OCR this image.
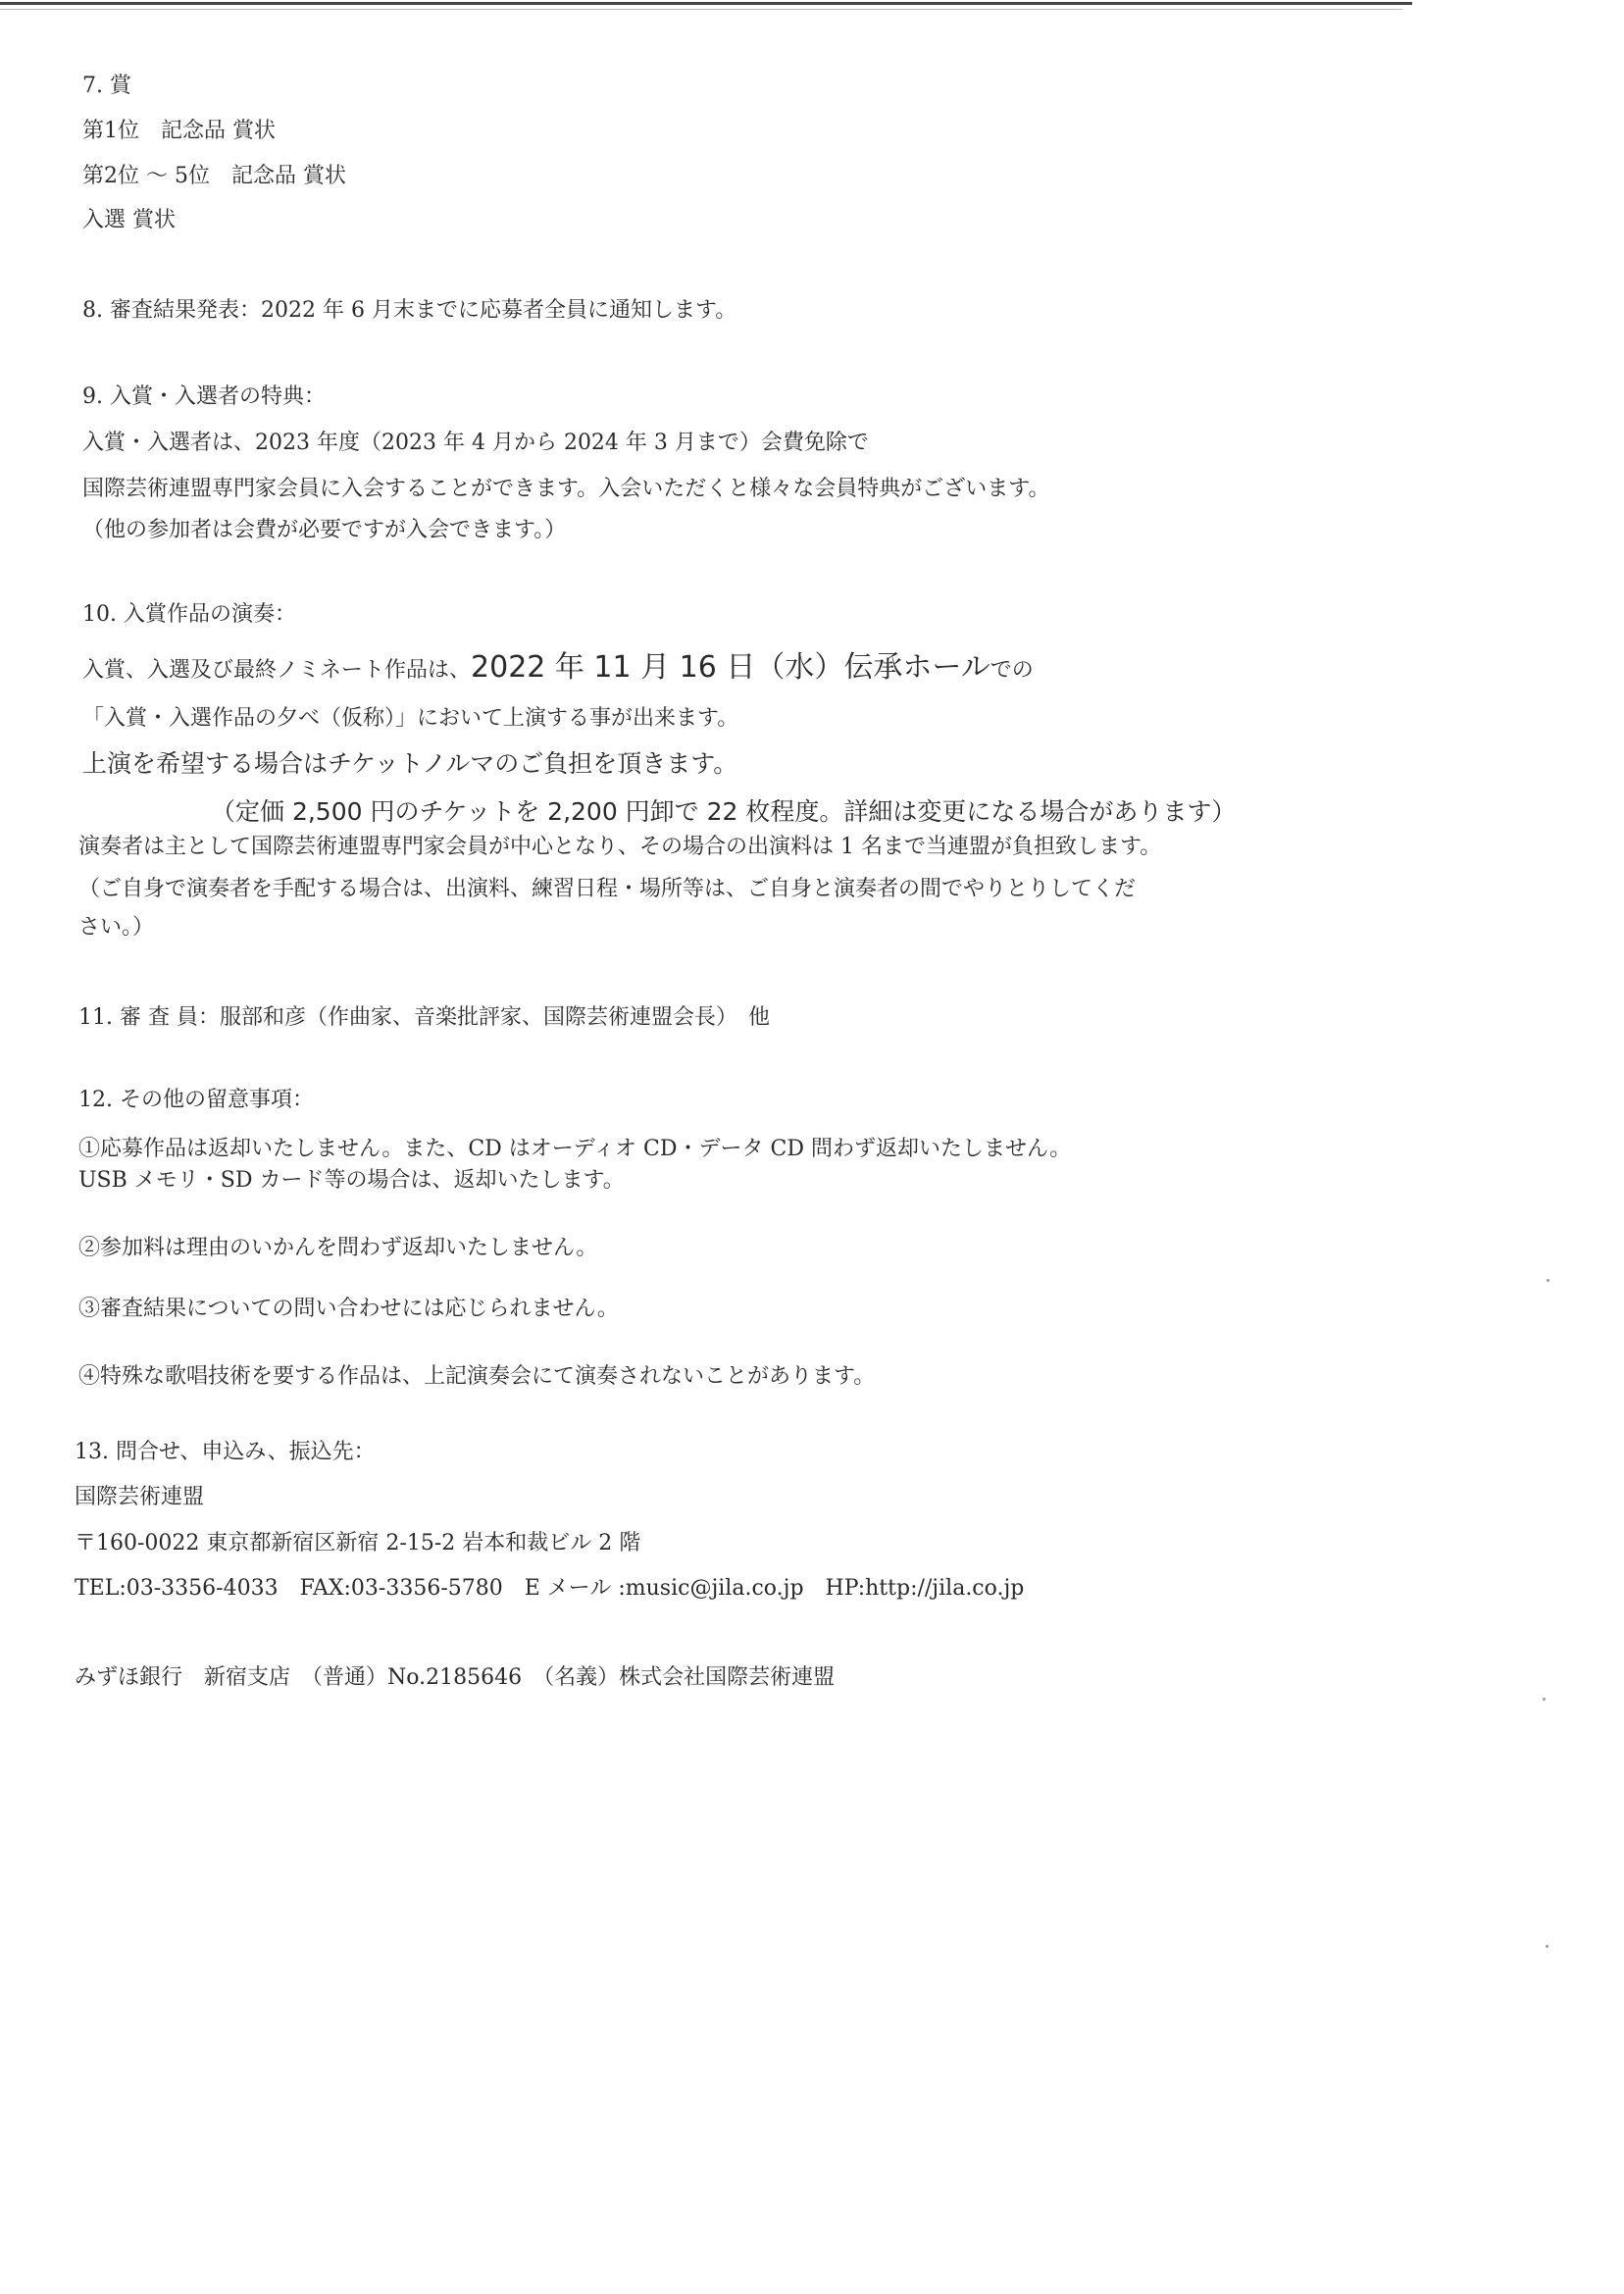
7. 賞
第1位　記念品 賞状
第2位 ～ 5位　記念品 賞状
入選 賞状
8. 審査結果発表：2022 年 6 月末までに応募者全員に通知します。
9. 入賞・入選者の特典：
入賞・入選者は、2023 年度（2023 年 4 月から 2024 年 3 月まで）会費免除で
国際芸術連盟専門家会員に入会することができます。入会いただくと様々な会員特典がございます。
（他の参加者は会費が必要ですが入会できます。）
10. 入賞作品の演奏：
入賞、入選及び最終ノミネート作品は、2022 年 11 月 16 日（水）伝承ホールでの
「入賞・入選作品の夕べ（仮称）」において上演する事が出来ます。
上演を希望する場合はチケットノルマのご負担を頂きます。
（定価 2,500 円のチケットを 2,200 円卸で 22 枚程度。詳細は変更になる場合があります）
演奏者は主として国際芸術連盟専門家会員が中心となり、その場合の出演料は 1 名まで当連盟が負担致します。
（ご自身で演奏者を手配する場合は、出演料、練習日程・場所等は、ご自身と演奏者の間でやりとりしてくだ
さい。）
11. 審 査 員：服部和彦（作曲家、音楽批評家、国際芸術連盟会長）　他
12. その他の留意事項：
①応募作品は返却いたしません。また、CD はオーディオ CD・データ CD 問わず返却いたしません。
USB メモリ・SD カード等の場合は、返却いたします。
②参加料は理由のいかんを問わず返却いたしません。
③審査結果についての問い合わせには応じられません。
④特殊な歌唱技術を要する作品は、上記演奏会にて演奏されないことがあります。
13. 問合せ、申込み、振込先：
国際芸術連盟
〒160-0022 東京都新宿区新宿 2-15-2 岩本和裁ビル 2 階
TEL:03-3356-4033　FAX:03-3356-5780　E メール :music@jila.co.jp　HP:http://jila.co.jp
みずほ銀行　新宿支店　（普通）No.2185646　（名義）株式会社国際芸術連盟
